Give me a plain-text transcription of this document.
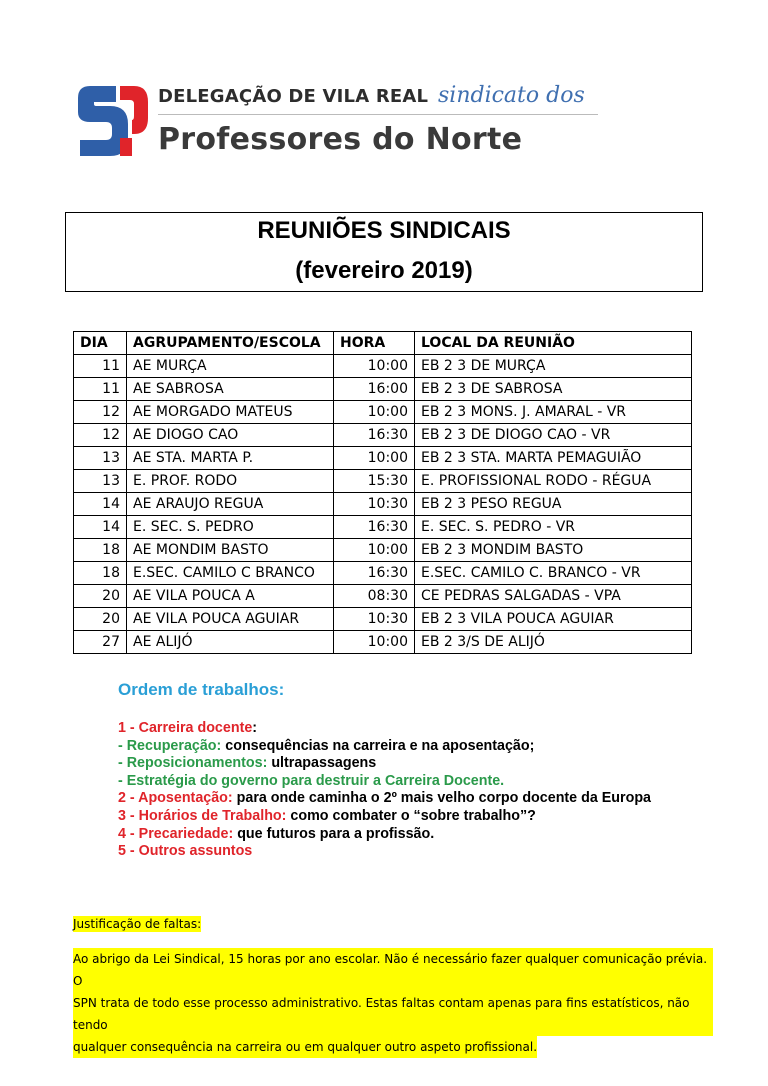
DELEGAÇÃO DE VILA REAL sindicato dos
Professores do Norte
REUNIÕES SINDICAIS
(fevereiro 2019)
DIA	AGRUPAMENTO/ESCOLA	HORA	LOCAL DA REUNIÃO
11	AE MURÇA	10:00	EB 2 3 DE MURÇA
11	AE SABROSA	16:00	EB 2 3 DE SABROSA
12	AE MORGADO MATEUS	10:00	EB 2 3 MONS. J. AMARAL - VR
12	AE DIOGO CAO	16:30	EB 2 3 DE DIOGO CAO - VR
13	AE STA. MARTA P.	10:00	EB 2 3 STA. MARTA PEMAGUIÃO
13	E. PROF. RODO	15:30	E. PROFISSIONAL RODO - RÉGUA
14	AE ARAUJO REGUA	10:30	EB 2 3 PESO REGUA
14	E. SEC. S. PEDRO	16:30	E. SEC. S. PEDRO - VR
18	AE MONDIM BASTO	10:00	EB 2 3 MONDIM BASTO
18	E.SEC. CAMILO C BRANCO	16:30	E.SEC. CAMILO C. BRANCO - VR
20	AE VILA POUCA A	08:30	CE PEDRAS SALGADAS - VPA
20	AE VILA POUCA AGUIAR	10:30	EB 2 3 VILA POUCA AGUIAR
27	AE ALIJÓ	10:00	EB 2 3/S DE ALIJÓ
Ordem de trabalhos:
1 - Carreira docente:
- Recuperação: consequências na carreira e na aposentação;
- Reposicionamentos: ultrapassagens
- Estratégia do governo para destruir a Carreira Docente.
2 - Aposentação: para onde caminha o 2º mais velho corpo docente da Europa
3 - Horários de Trabalho: como combater o “sobre trabalho”?
4 - Precariedade: que futuros para a profissão.
5 - Outros assuntos
Justificação de faltas:
Ao abrigo da Lei Sindical, 15 horas por ano escolar. Não é necessário fazer qualquer comunicação prévia. O
SPN trata de todo esse processo administrativo. Estas faltas contam apenas para fins estatísticos, não tendo
qualquer consequência na carreira ou em qualquer outro aspeto profissional.
